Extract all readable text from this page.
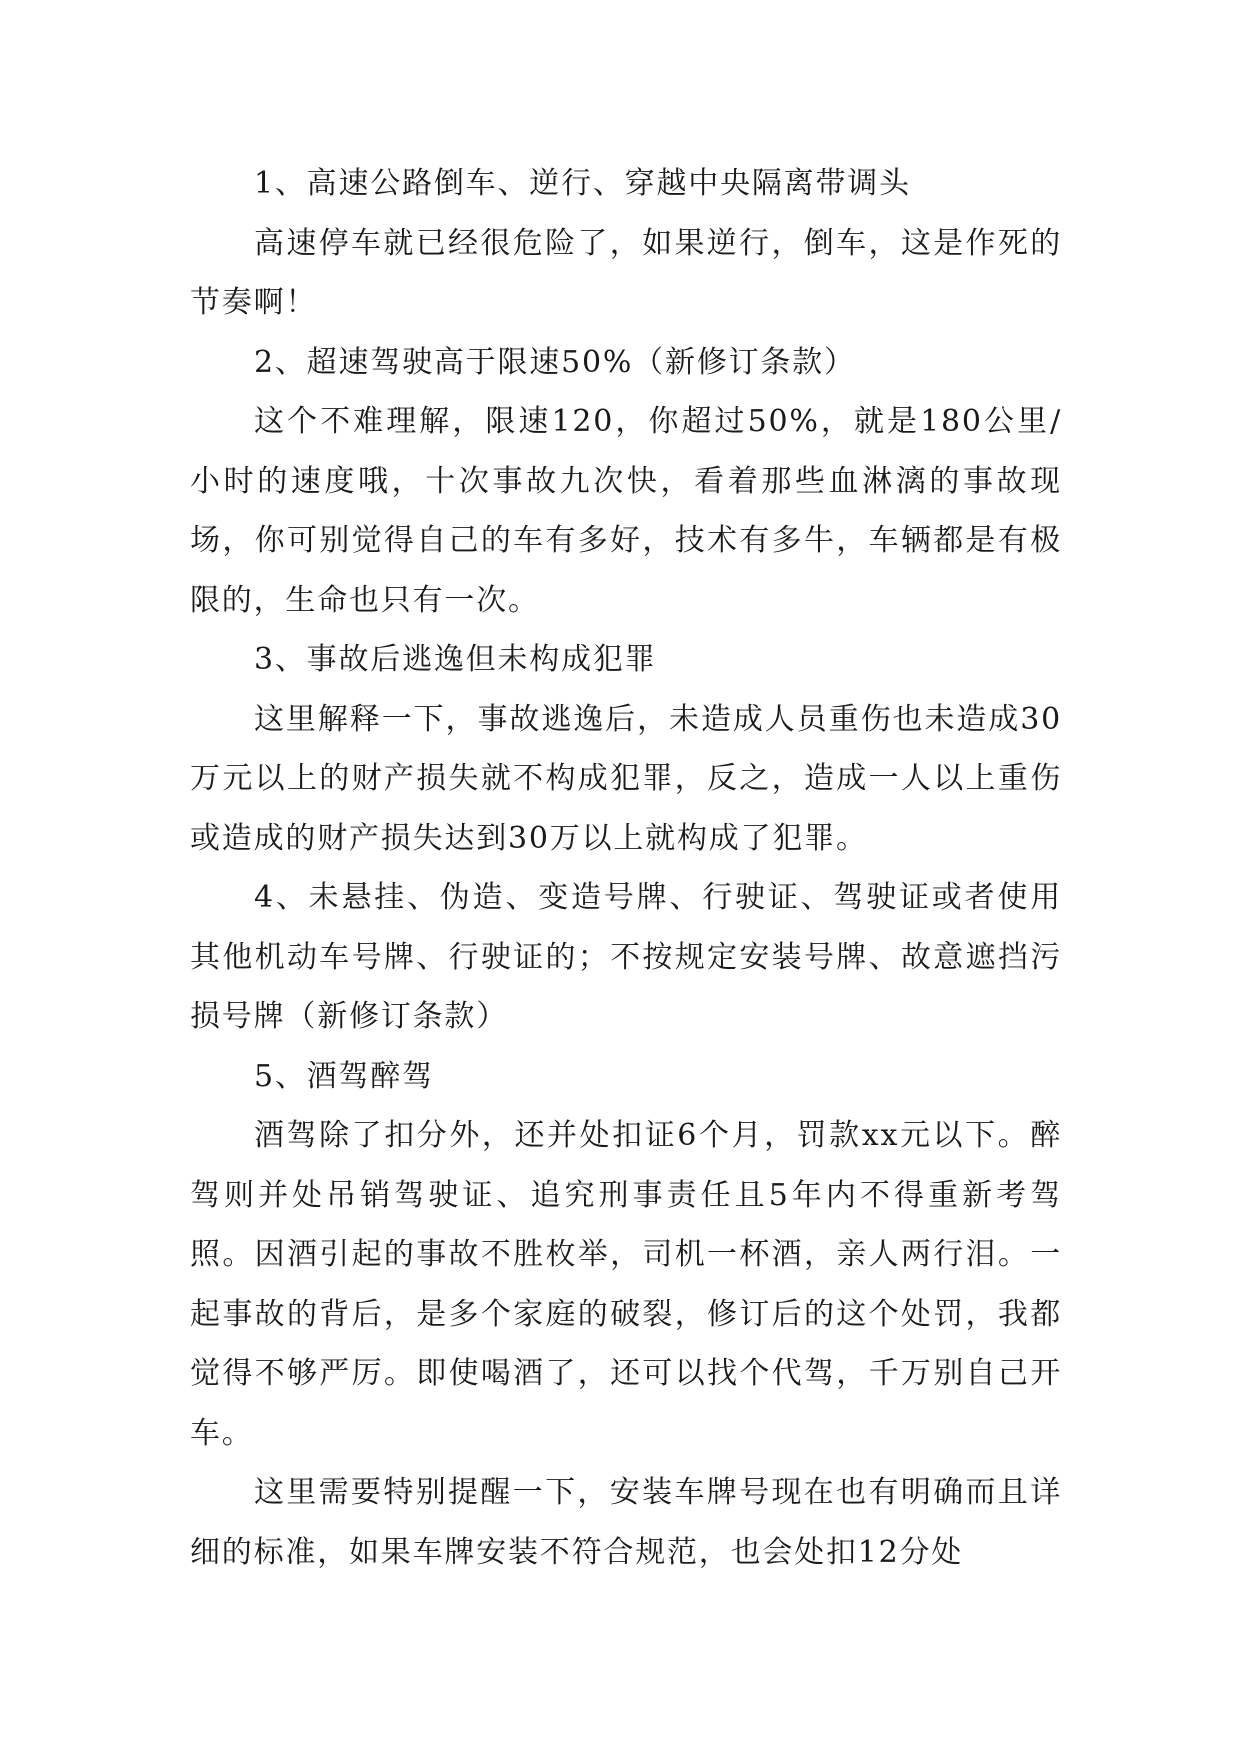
1、高速公路倒车、逆行、穿越中央隔离带调头

高速停车就已经很危险了，如果逆行，倒车，这是作死的节奏啊！

2、超速驾驶高于限速50%（新修订条款）

这个不难理解，限速120，你超过50%，就是180公里/小时的速度哦，十次事故九次快，看着那些血淋漓的事故现场，你可别觉得自己的车有多好，技术有多牛，车辆都是有极限的，生命也只有一次。

3、事故后逃逸但未构成犯罪

这里解释一下，事故逃逸后，未造成人员重伤也未造成30万元以上的财产损失就不构成犯罪，反之，造成一人以上重伤或造成的财产损失达到30万以上就构成了犯罪。

4、未悬挂、伪造、变造号牌、行驶证、驾驶证或者使用其他机动车号牌、行驶证的；不按规定安装号牌、故意遮挡污损号牌（新修订条款）

5、酒驾醉驾

酒驾除了扣分外，还并处扣证6个月，罚款xx元以下。醉驾则并处吊销驾驶证、追究刑事责任且5年内不得重新考驾照。因酒引起的事故不胜枚举，司机一杯酒，亲人两行泪。一起事故的背后，是多个家庭的破裂，修订后的这个处罚，我都觉得不够严厉。即使喝酒了，还可以找个代驾，千万别自己开车。

这里需要特别提醒一下，安装车牌号现在也有明确而且详细的标准，如果车牌安装不符合规范，也会处扣12分处
